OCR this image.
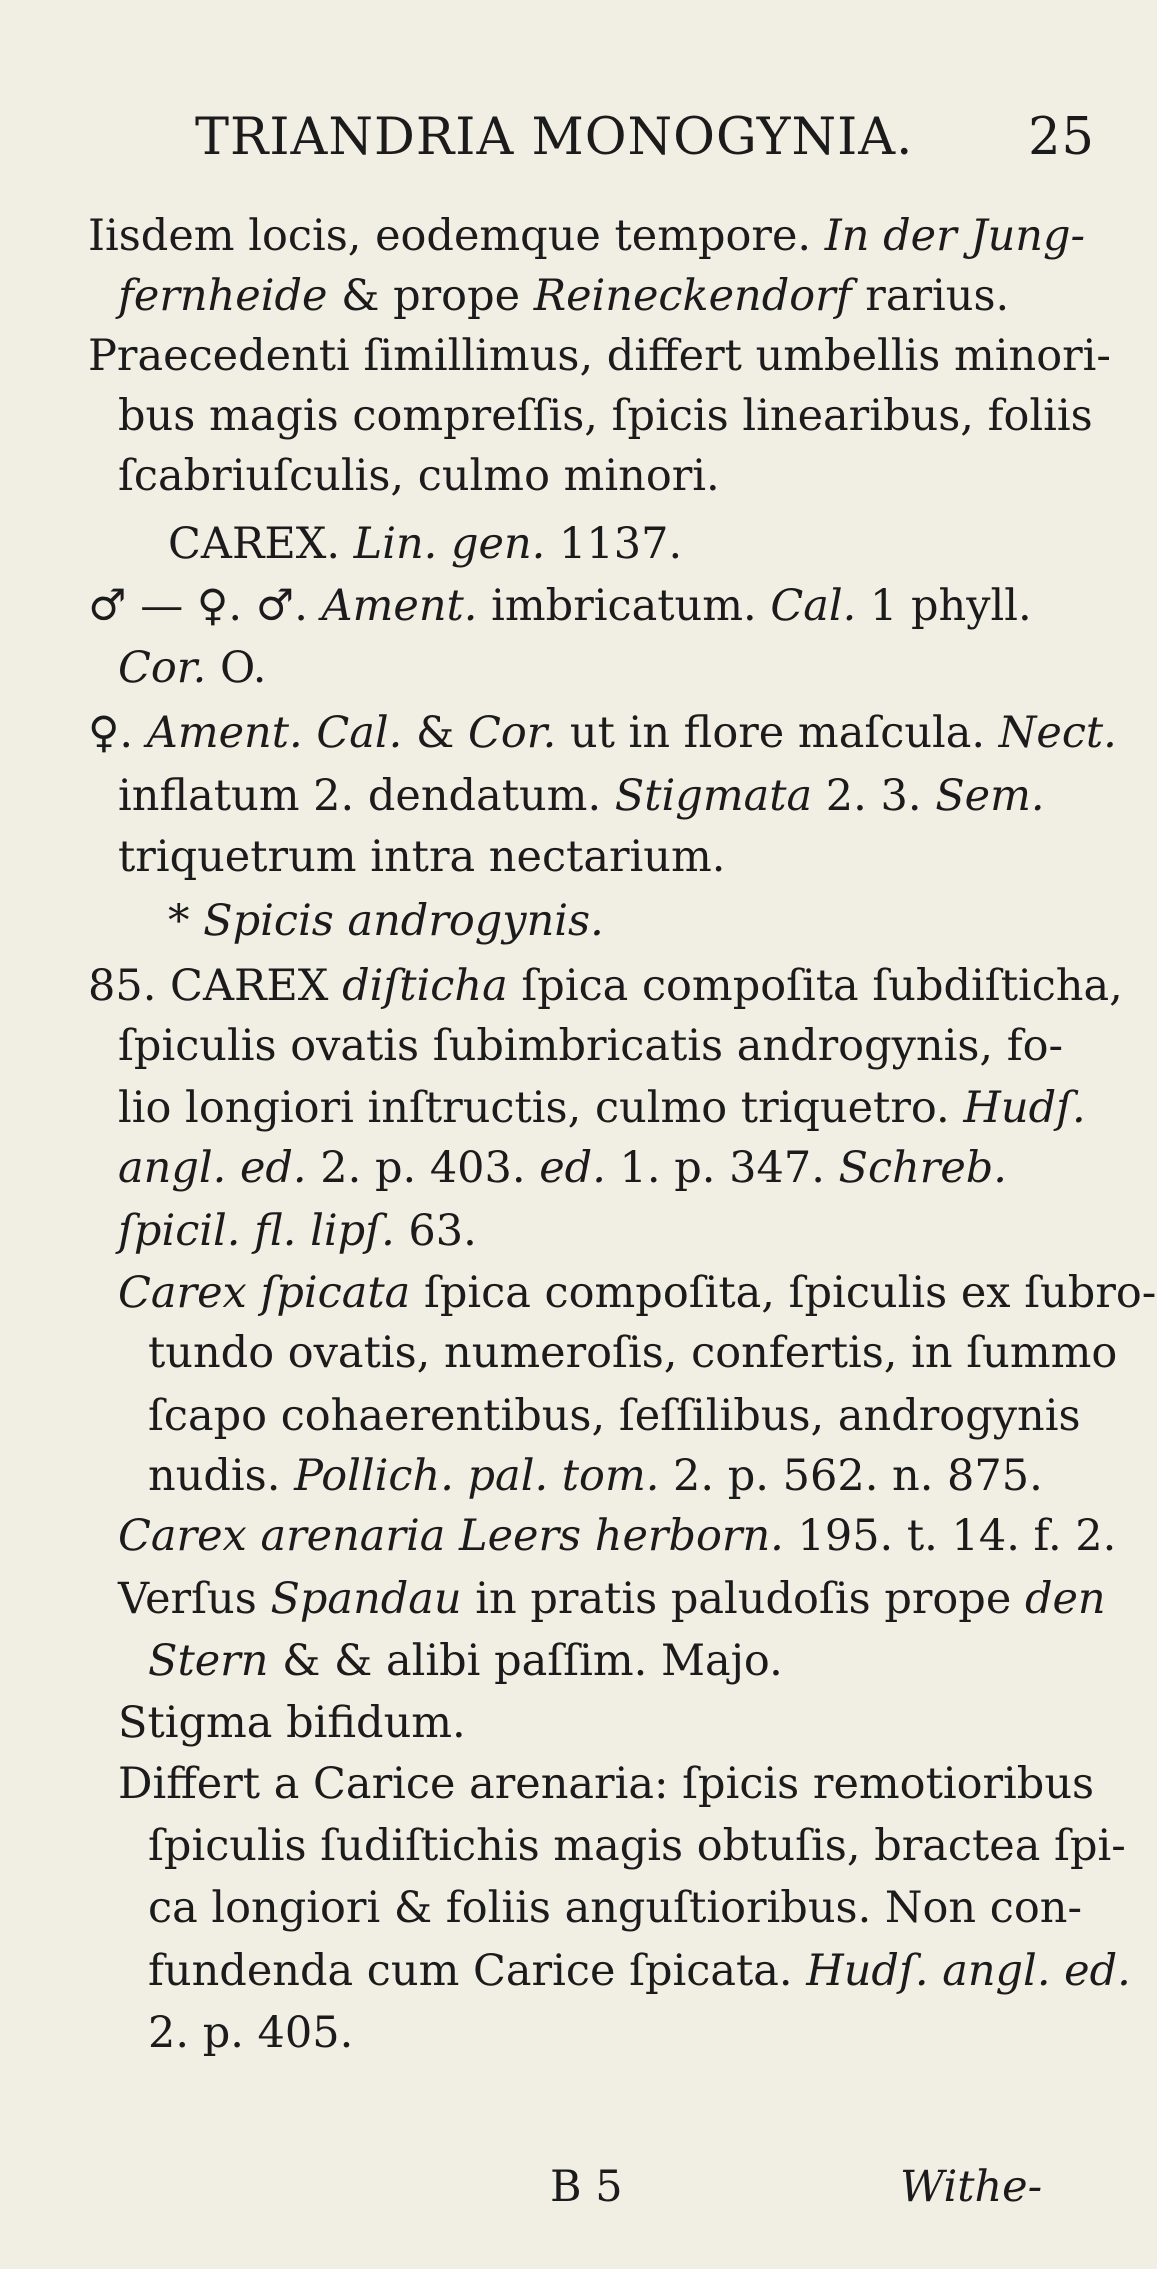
TRIANDRIA MONOGYNIA. 25
Iisdem locis, eodemque tempore. In der Jung-
fernheide & prope Reineckendorf rarius.
Praecedenti ſimillimus, differt umbellis minori-
bus magis compreſſis, ſpicis linearibus, foliis
ſcabriuſculis, culmo minori.
CAREX. Lin. gen. 1137.
♂ — ♀. ♂. Ament. imbricatum. Cal. 1 phyll.
Cor. O.
♀. Ament. Cal. & Cor. ut in flore maſcula. Nect.
inflatum 2. dendatum. Stigmata 2. 3. Sem.
triquetrum intra nectarium.
* Spicis androgynis.
85. CAREX diſticha ſpica compoſita ſubdiſticha,
ſpiculis ovatis ſubimbricatis androgynis, fo-
lio longiori inſtructis, culmo triquetro. Hudſ.
angl. ed. 2. p. 403. ed. 1. p. 347. Schreb.
ſpicil. fl. lipſ. 63.
Carex ſpicata ſpica compoſita, ſpiculis ex ſubro-
tundo ovatis, numeroſis, confertis, in ſummo
ſcapo cohaerentibus, ſeſſilibus, androgynis
nudis. Pollich. pal. tom. 2. p. 562. n. 875.
Carex arenaria Leers herborn. 195. t. 14. f. 2.
Verſus Spandau in pratis paludoſis prope den
Stern & & alibi paſſim. Majo.
Stigma bifidum.
Differt a Carice arenaria: ſpicis remotioribus
ſpiculis ſudiſtichis magis obtuſis, bractea ſpi-
ca longiori & foliis anguſtioribus. Non con-
fundenda cum Carice ſpicata. Hudſ. angl. ed.
2. p. 405.
B 5	Withe-
